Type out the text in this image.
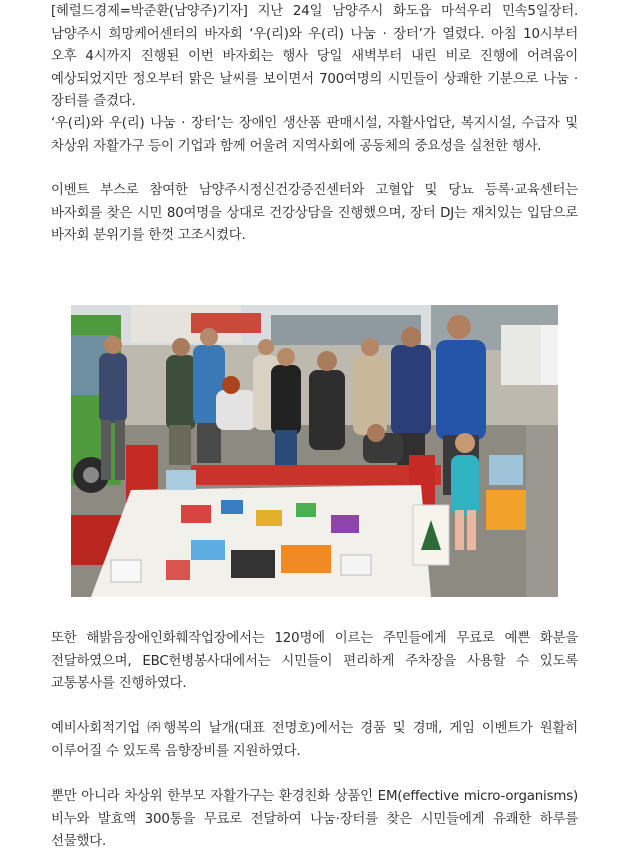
[헤럴드경제=박준환(남양주)기자] 지난 24일 남양주시 화도읍 마석우리 민속5일장터. 남양주시 희망케어센터의 바자회 ‘우(리)와 우(리) 나눔 · 장터’가 열렸다. 아침 10시부터 오후 4시까지 진행된 이번 바자회는 행사 당일 새벽부터 내린 비로 진행에 어려움이 예상되었지만 정오부터 맑은 날씨를 보이면서 700여명의 시민들이 상쾌한 기분으로 나눔 · 장터를 즐겼다.

‘우(리)와 우(리) 나눔 · 장터’는 장애인 생산품 판매시설, 자활사업단, 복지시설, 수급자 및 차상위 자활가구 등이 기업과 함께 어울려 지역사회에 공동체의 중요성을 실천한 행사.

이벤트 부스로 참여한 남양주시정신건강증진센터와 고혈압 및 당뇨 등록·교육센터는 바자회를 찾은 시민 80여명을 상대로 건강상담을 진행했으며, 장터 DJ는 재치있는 입담으로 바자회 분위기를 한껏 고조시켰다.

또한 해밝음장애인화훼작업장에서는 120명에 이르는 주민들에게 무료로 예쁜 화분을 전달하였으며, EBC헌병봉사대에서는 시민들이 편리하게 주차장을 사용할 수 있도록 교통봉사를 진행하였다.

예비사회적기업 ㈜행복의 날개(대표 전명호)에서는 경품 및 경매, 게임 이벤트가 원활히 이루어질 수 있도록 음향장비를 지원하였다.

뿐만 아니라 차상위 한부모 자활가구는 환경친화 상품인 EM(effective micro-organisms) 비누와 발효액 300통을 무료로 전달하여 나눔·장터를 찾은 시민들에게 유쾌한 하루를 선물했다.
